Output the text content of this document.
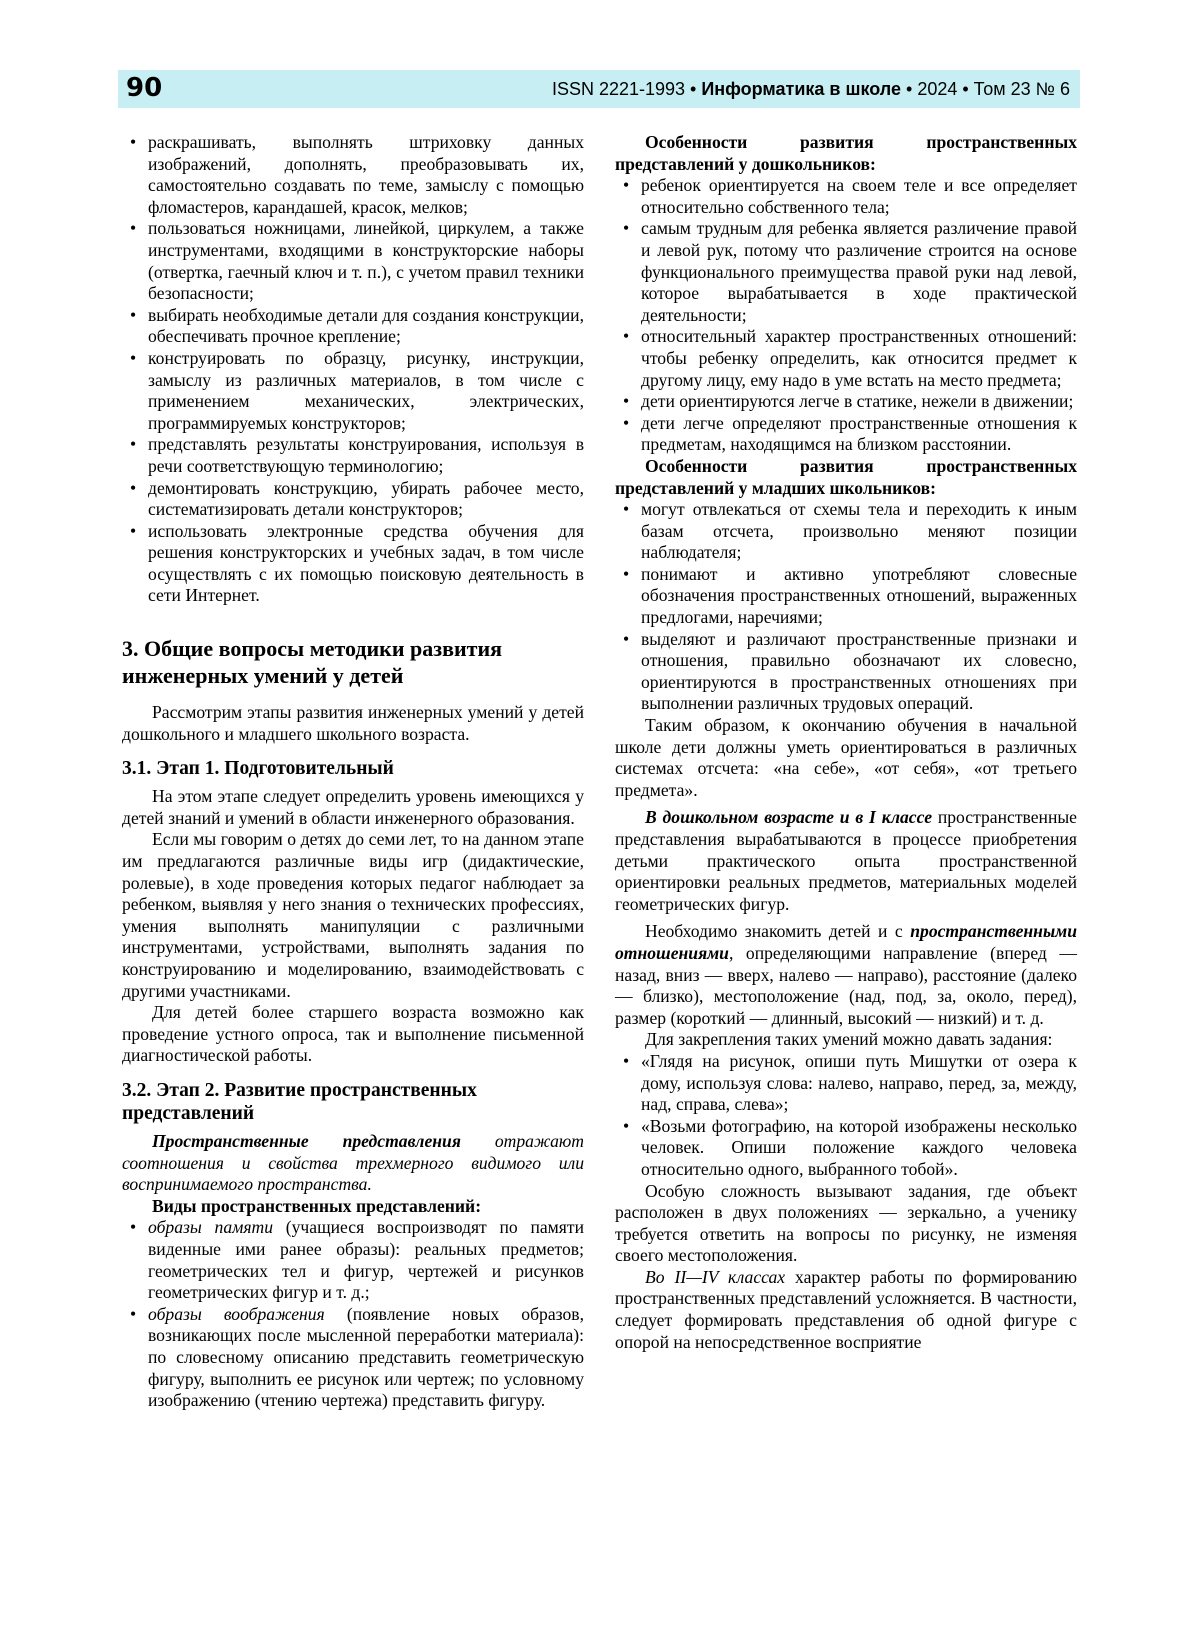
90	ISSN 2221-1993 • Информатика в школе • 2024 • Том 23 № 6
• раскрашивать, выполнять штриховку данных изображений, дополнять, преобразовывать их, самостоятельно создавать по теме, замыслу с помощью фломастеров, карандашей, красок, мелков;
• пользоваться ножницами, линейкой, циркулем, а также инструментами, входящими в конструкторские наборы (отвертка, гаечный ключ и т. п.), с учетом правил техники безопасности;
• выбирать необходимые детали для создания конструкции, обеспечивать прочное крепление;
• конструировать по образцу, рисунку, инструкции, замыслу из различных материалов, в том числе с применением механических, электрических, программируемых конструкторов;
• представлять результаты конструирования, используя в речи соответствующую терминологию;
• демонтировать конструкцию, убирать рабочее место, систематизировать детали конструкторов;
• использовать электронные средства обучения для решения конструкторских и учебных задач, в том числе осуществлять с их помощью поисковую деятельность в сети Интернет.
3. Общие вопросы методики развития инженерных умений у детей

Рассмотрим этапы развития инженерных умений у детей дошкольного и младшего школьного возраста.

3.1. Этап 1. Подготовительный

На этом этапе следует определить уровень имеющихся у детей знаний и умений в области инженерного образования.

Если мы говорим о детях до семи лет, то на данном этапе им предлагаются различные виды игр (дидактические, ролевые), в ходе проведения которых педагог наблюдает за ребенком, выявляя у него знания о технических профессиях, умения выполнять манипуляции с различными инструментами, устройствами, выполнять задания по конструированию и моделированию, взаимодействовать с другими участниками.

Для детей более старшего возраста возможно как проведение устного опроса, так и выполнение письменной диагностической работы.

3.2. Этап 2. Развитие пространственных представлений

Пространственные представления отражают соотношения и свойства трехмерного видимого или воспринимаемого пространства.

Виды пространственных представлений:

• образы памяти (учащиеся воспроизводят по памяти виденные ими ранее образы): реальных предметов; геометрических тел и фигур, чертежей и рисунков геометрических фигур и т. д.;
• образы воображения (появление новых образов, возникающих после мысленной переработки материала): по словесному описанию представить геометрическую фигуру, выполнить ее рисунок или чертеж; по условному изображению (чтению чертежа) представить фигуру.

Особенности развития пространственных представлений у дошкольников:

• ребенок ориентируется на своем теле и все определяет относительно собственного тела;
• самым трудным для ребенка является различение правой и левой рук, потому что различение строится на основе функционального преимущества правой руки над левой, которое вырабатывается в ходе практической деятельности;
• относительный характер пространственных отношений: чтобы ребенку определить, как относится предмет к другому лицу, ему надо в уме встать на место предмета;
• дети ориентируются легче в статике, нежели в движении;
• дети легче определяют пространственные отношения к предметам, находящимся на близком расстоянии.

Особенности развития пространственных представлений у младших школьников:

• могут отвлекаться от схемы тела и переходить к иным базам отсчета, произвольно меняют позиции наблюдателя;
• понимают и активно употребляют словесные обозначения пространственных отношений, выраженных предлогами, наречиями;
• выделяют и различают пространственные признаки и отношения, правильно обозначают их словесно, ориентируются в пространственных отношениях при выполнении различных трудовых операций.

Таким образом, к окончанию обучения в начальной школе дети должны уметь ориентироваться в различных системах отсчета: «на себе», «от себя», «от третьего предмета».

В дошкольном возрасте и в I классе пространственные представления вырабатываются в процессе приобретения детьми практического опыта пространственной ориентировки реальных предметов, материальных моделей геометрических фигур.

Необходимо знакомить детей и с пространственными отношениями, определяющими направление (вперед — назад, вниз — вверх, налево — направо), расстояние (далеко — близко), местоположение (над, под, за, около, перед), размер (короткий — длинный, высокий — низкий) и т. д.

Для закрепления таких умений можно давать задания:

• «Глядя на рисунок, опиши путь Мишутки от озера к дому, используя слова: налево, направо, перед, за, между, над, справа, слева»;
• «Возьми фотографию, на которой изображены несколько человек. Опиши положение каждого человека относительно одного, выбранного тобой».

Особую сложность вызывают задания, где объект расположен в двух положениях — зеркально, а ученику требуется ответить на вопросы по рисунку, не изменяя своего местоположения.

Во II—IV классах характер работы по формированию пространственных представлений усложняется. В частности, следует формировать представления об одной фигуре с опорой на непосредственное восприятие
